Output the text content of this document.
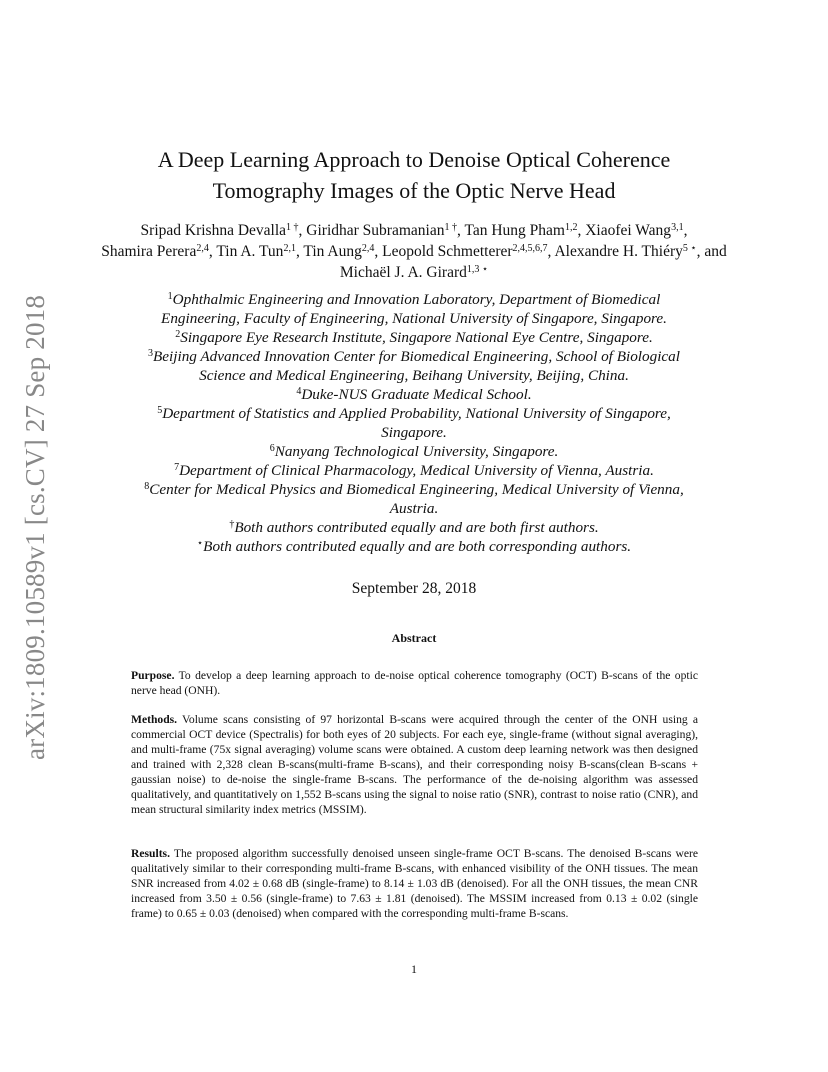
arXiv:1809.10589v1 [cs.CV] 27 Sep 2018
A Deep Learning Approach to Denoise Optical Coherence
Tomography Images of the Optic Nerve Head
Sripad Krishna Devalla$^{1 \dagger}$, Giridhar Subramanian$^{1 \dagger}$, Tan Hung Pham$^{1,2}$, Xiaofei Wang$^{3,1}$,
Shamira Perera$^{2,4}$, Tin A. Tun$^{2,1}$, Tin Aung$^{2,4}$, Leopold Schmetterer$^{2,4,5,6,7}$, Alexandre H. Thiéry$^{5 ⋆}$, and Michaël J. A. Girard$^{1,3 ⋆}$
$^1$Ophthalmic Engineering and Innovation Laboratory, Department of Biomedical
Engineering, Faculty of Engineering, National University of Singapore, Singapore.
$^2$Singapore Eye Research Institute, Singapore National Eye Centre, Singapore.
$^3$Beijing Advanced Innovation Center for Biomedical Engineering, School of Biological
Science and Medical Engineering, Beihang University, Beijing, China.
$^4$Duke-NUS Graduate Medical School.
$^5$Department of Statistics and Applied Probability, National University of Singapore,
Singapore.
$^6$Nanyang Technological University, Singapore.
$^7$Department of Clinical Pharmacology, Medical University of Vienna, Austria.
$^8$Center for Medical Physics and Biomedical Engineering, Medical University of Vienna,
Austria.
†Both authors contributed equally and are both first authors.
⋆Both authors contributed equally and are both corresponding authors.
September 28, 2018
Abstract
Purpose. To develop a deep learning approach to de-noise optical coherence tomography (OCT) B-scans of the optic nerve head (ONH).
Methods. Volume scans consisting of 97 horizontal B-scans were acquired through the center of the ONH using a commercial OCT device (Spectralis) for both eyes of 20 subjects. For each eye, single-frame (without signal averaging), and multi-frame (75x signal averaging) volume scans were obtained. A custom deep learning network was then designed and trained with 2,328 clean B-scans(multi-frame B-scans), and their corresponding noisy B-scans(clean B-scans + gaussian noise) to de-noise the single-frame B-scans. The performance of the de-noising algorithm was assessed qualitatively, and quantitatively on 1,552 B-scans using the signal to noise ratio (SNR), contrast to noise ratio (CNR), and mean structural similarity index metrics (MSSIM).
Results. The proposed algorithm successfully denoised unseen single-frame OCT B-scans. The denoised B-scans were qualitatively similar to their corresponding multi-frame B-scans, with enhanced visibility of the ONH tissues. The mean SNR increased from 4.02 ± 0.68 dB (single-frame) to 8.14 ± 1.03 dB (denoised). For all the ONH tissues, the mean CNR increased from 3.50 ± 0.56 (single-frame) to 7.63 ± 1.81 (denoised). The MSSIM increased from 0.13 ± 0.02 (single frame) to 0.65 ± 0.03 (denoised) when compared with the corresponding multi-frame B-scans.
1
